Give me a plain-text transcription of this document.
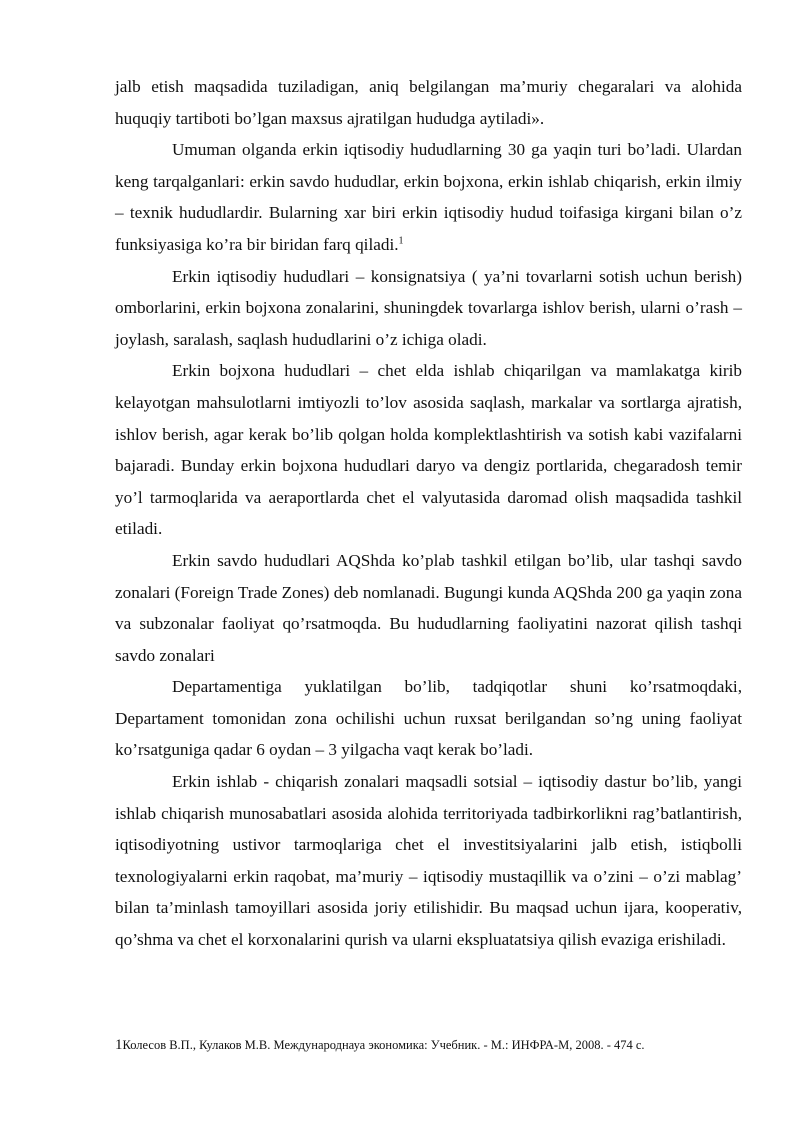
jalb etish maqsadida tuziladigan, aniq belgilangan ma’muriy chegaralari va alohida huquqiy tartiboti bo’lgan maxsus ajratilgan hududga aytiladi».

Umuman olganda erkin iqtisodiy hududlarning 30 ga yaqin turi bo’ladi. Ulardan keng tarqalganlari: erkin savdo hududlar, erkin bojxona, erkin ishlab chiqarish, erkin ilmiy – texnik hududlardir. Bularning xar biri erkin iqtisodiy hudud toifasiga kirgani bilan o’z funksiyasiga ko’ra bir biridan farq qiladi.$^1$

Erkin iqtisodiy hududlari – konsignatsiya ( ya’ni tovarlarni sotish uchun berish) omborlarini, erkin bojxona zonalarini, shuningdek tovarlarga ishlov berish, ularni o’rash – joylash, saralash, saqlash hududlarini o’z ichiga oladi.

Erkin bojxona hududlari – chet elda ishlab chiqarilgan va mamlakatga kirib kelayotgan mahsulotlarni imtiyozli to’lov asosida saqlash, markalar va sortlarga ajratish, ishlov berish, agar kerak bo’lib qolgan holda komplektlashtirish va sotish kabi vazifalarni bajaradi. Bunday erkin bojxona hududlari daryo va dengiz portlarida, chegaradosh temir yo’l tarmoqlarida va aeraportlarda chet el valyutasida daromad olish maqsadida tashkil etiladi.

Erkin savdo hududlari AQShda ko’plab tashkil etilgan bo’lib, ular tashqi savdo zonalari (Foreign Trade Zones) deb nomlanadi. Bugungi kunda AQShda 200 ga yaqin zona va subzonalar faoliyat qo’rsatmoqda. Bu hududlarning faoliyatini nazorat qilish tashqi savdo zonalari

Departamentiga yuklatilgan bo’lib, tadqiqotlar shuni ko’rsatmoqdaki, Departament tomonidan zona ochilishi uchun ruxsat berilgandan so’ng uning faoliyat ko’rsatguniga qadar 6 oydan – 3 yilgacha vaqt kerak bo’ladi.

Erkin ishlab - chiqarish zonalari maqsadli sotsial – iqtisodiy dastur bo’lib, yangi ishlab chiqarish munosabatlari asosida alohida territoriyada tadbirkorlikni rag’batlantirish, iqtisodiyotning ustivor tarmoqlariga chet el investitsiyalarini jalb etish, istiqbolli texnologiyalarni erkin raqobat, ma’muriy – iqtisodiy mustaqillik va o’zini – o’zi mablag’ bilan ta’minlash tamoyillari asosida joriy etilishidir. Bu maqsad uchun ijara, kooperativ, qo’shma va chet el korxonalarini qurish va ularni ekspluatatsiya qilish evaziga erishiladi.

1Колесов В.П., Кулаков М.В. Международнауа экономика: Учебник. - М.: ИНФРА-М, 2008. - 474 с.
